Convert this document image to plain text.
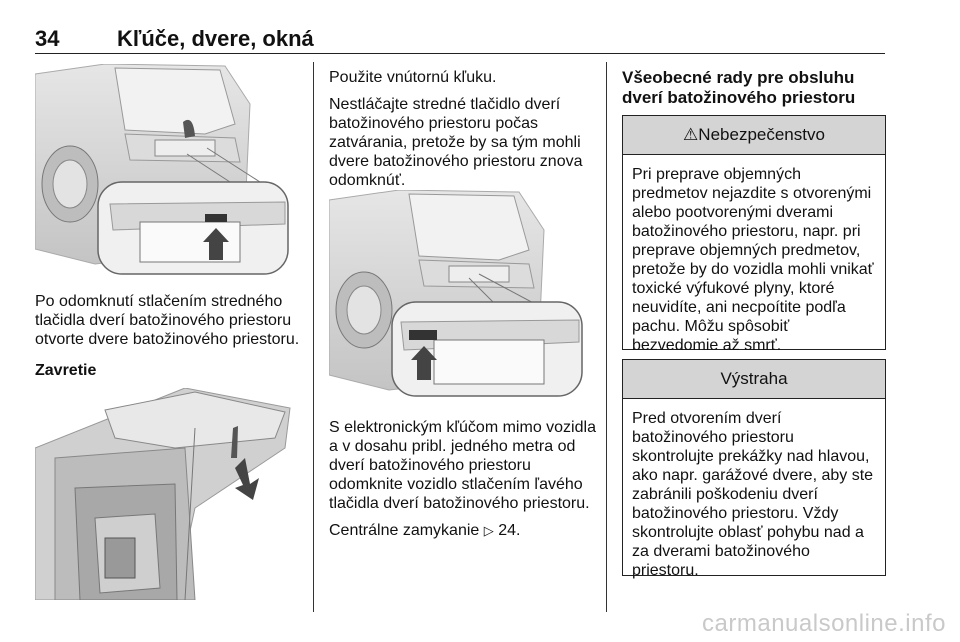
34	Kľúče, dvere, okná

Po odomknutí stlačením stredného tlačidla dverí batožinového priestoru otvorte dvere batožinového priestoru.

Zavretie

Použite vnútornú kľuku.

Nestláčajte stredné tlačidlo dverí batožinového priestoru počas zatvárania, pretože by sa tým mohli dvere batožinového priestoru znova odomknúť.

S elektronickým kľúčom mimo vozidla a v dosahu pribl. jedného metra od dverí batožinového priestoru odomknite vozidlo stlačením ľavého tlačidla dverí batožinového priestoru.

Centrálne zamykanie ▷ 24.

Všeobecné rady pre obsluhu dverí batožinového priestoru
⚠Nebezpečenstvo
Pri preprave objemných predmetov nejazdite s otvorenými alebo pootvorenými dverami batožinového priestoru, napr. pri preprave objemných predmetov, pretože by do vozidla mohli vnikať toxické výfukové plyny, ktoré neuvidíte, ani necpoítite podľa pachu. Môžu spôsobiť bezvedomie až smrť.
Výstraha
Pred otvorením dverí batožinového priestoru skontrolujte prekážky nad hlavou, ako napr. garážové dvere, aby ste zabránili poškodeniu dverí batožinového priestoru. Vždy skontrolujte oblasť pohybu nad a za dverami batožinového priestoru.
carmanualsonline.info
